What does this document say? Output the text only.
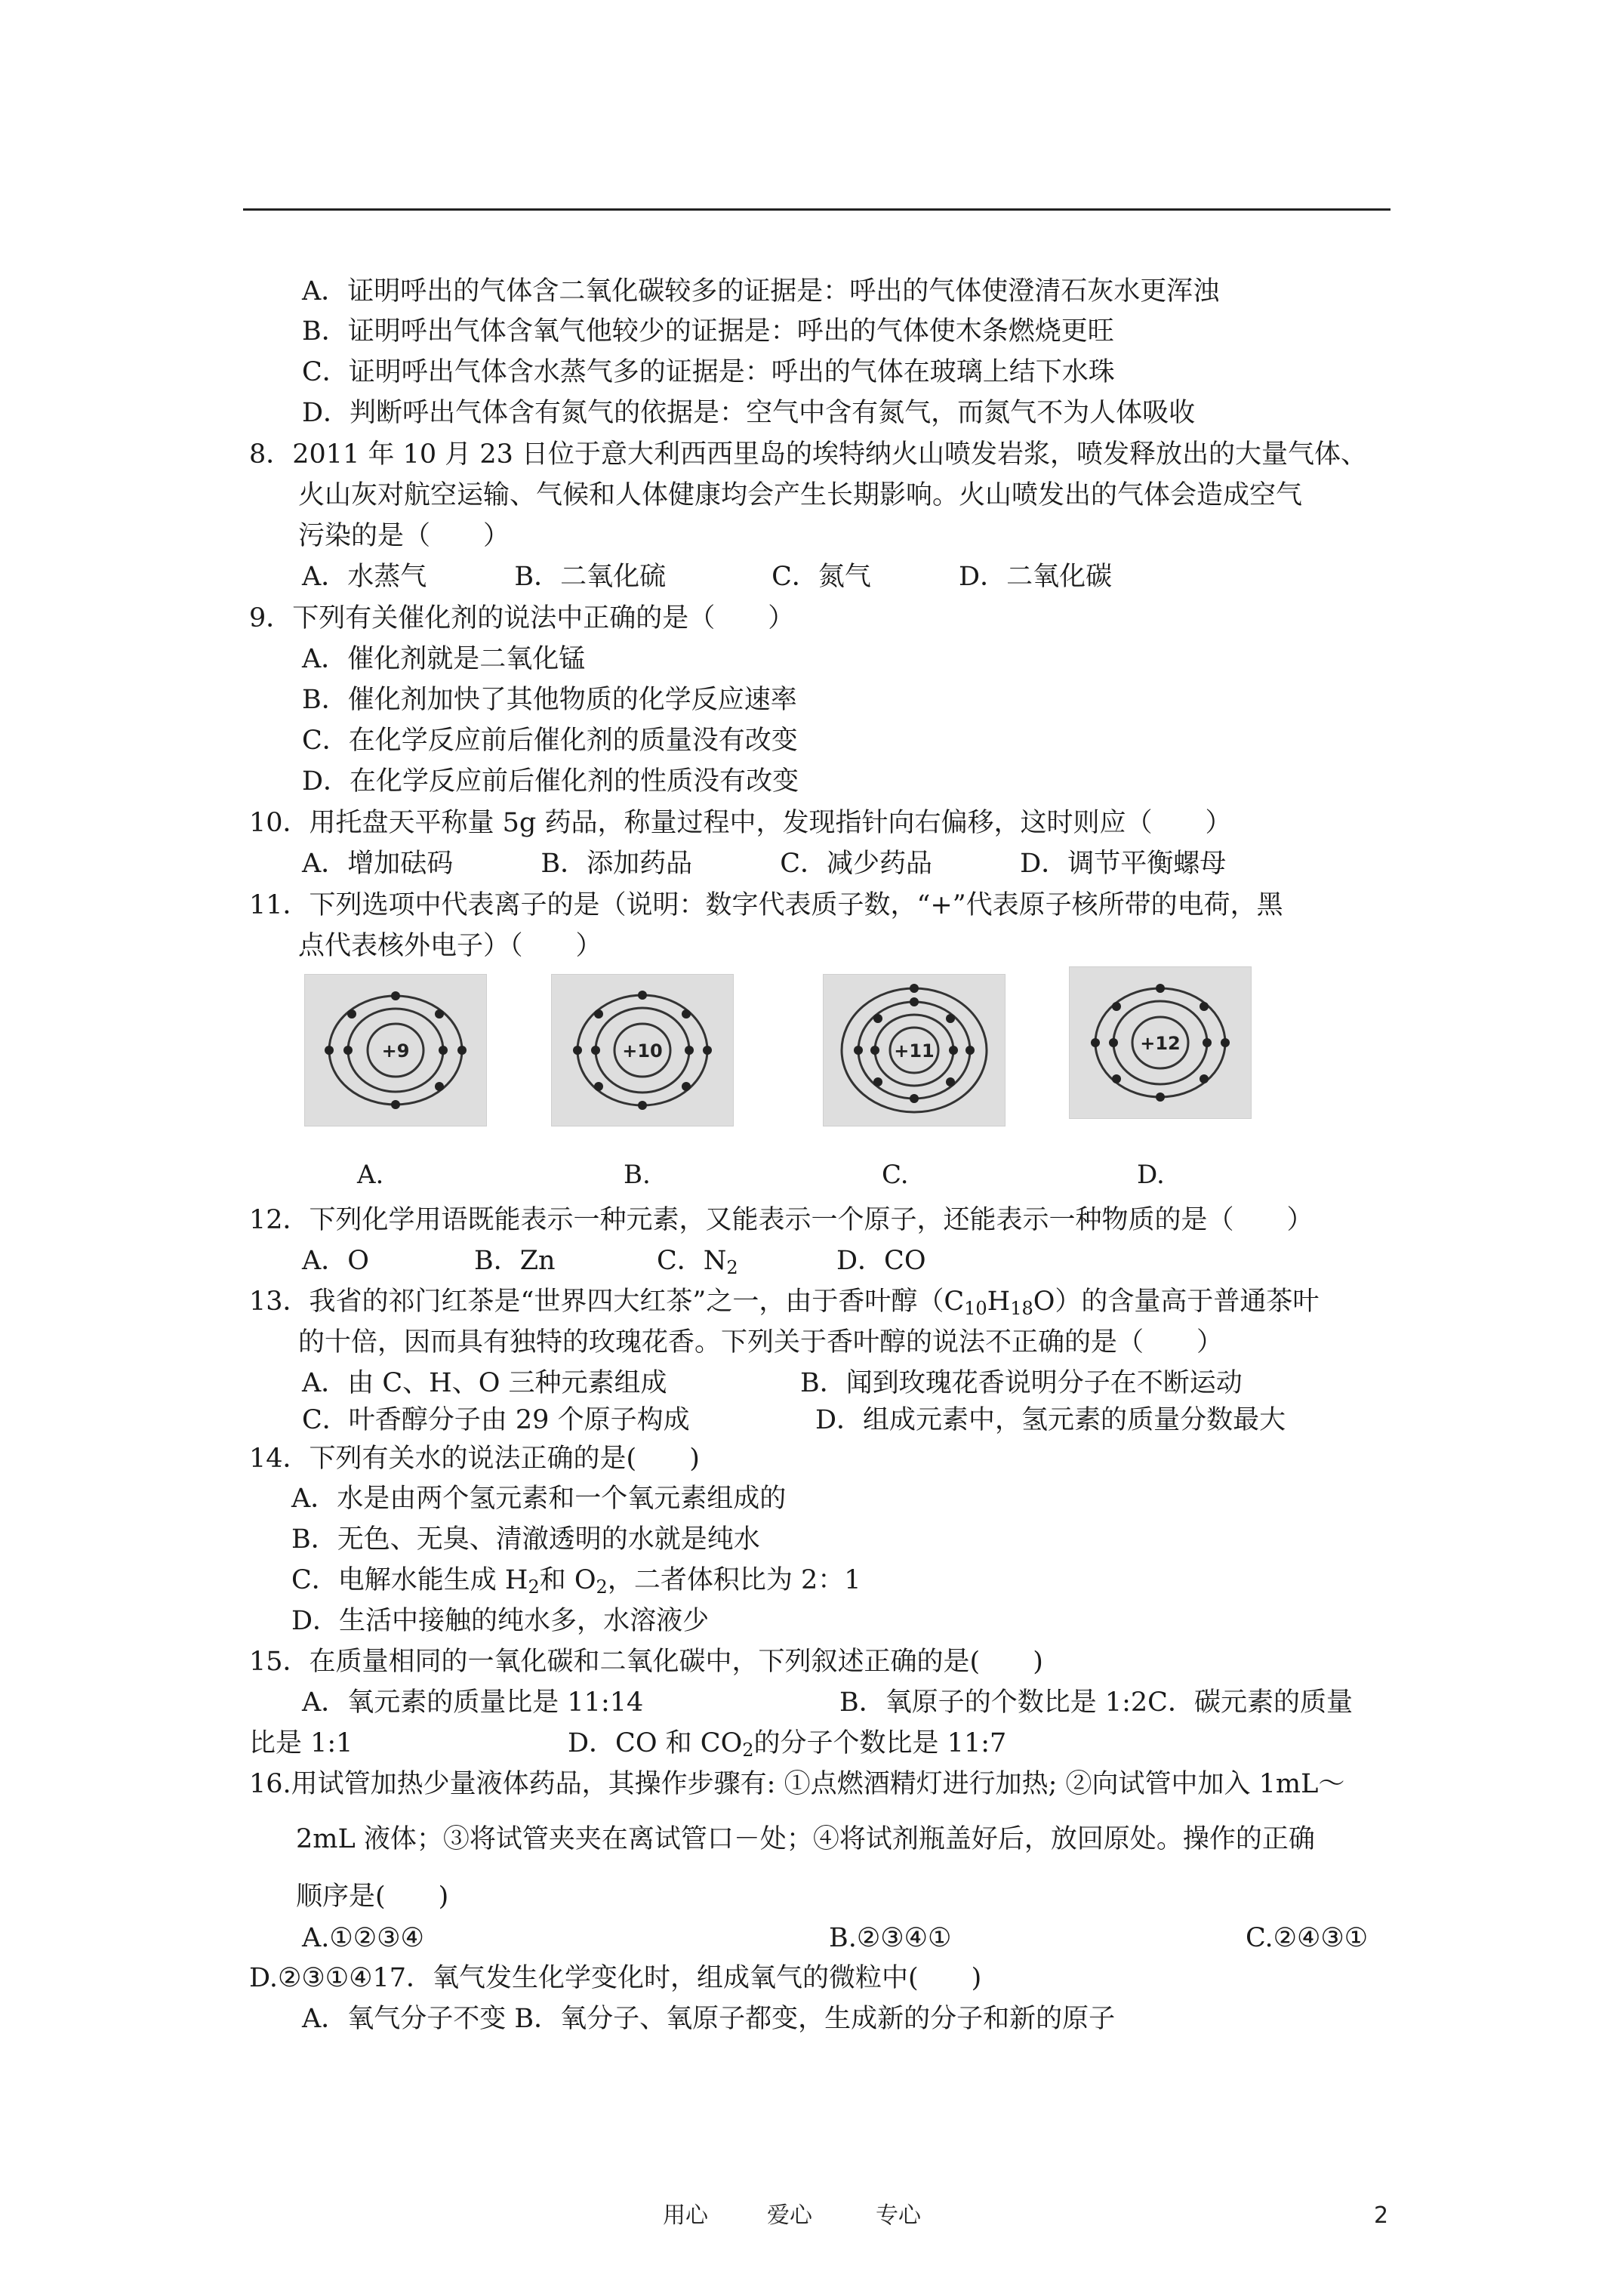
A．证明呼出的气体含二氧化碳较多的证据是：呼出的气体使澄清石灰水更浑浊
B．证明呼出气体含氧气他较少的证据是：呼出的气体使木条燃烧更旺
C．证明呼出气体含水蒸气多的证据是：呼出的气体在玻璃上结下水珠
D．判断呼出气体含有氮气的依据是：空气中含有氮气，而氮气不为人体吸收
8．2011 年 10 月 23 日位于意大利西西里岛的埃特纳火山喷发岩浆，喷发释放出的大量气体、
火山灰对航空运输、气候和人体健康均会产生长期影响。火山喷发出的气体会造成空气
污染的是（　　）
A．水蒸气　　　 B．二氧化硫　　　　C．氮气　　　 D．二氧化碳
9．下列有关催化剂的说法中正确的是（　　）
A．催化剂就是二氧化锰
B．催化剂加快了其他物质的化学反应速率
C．在化学反应前后催化剂的质量没有改变
D．在化学反应前后催化剂的性质没有改变
10．用托盘天平称量 5g 药品，称量过程中，发现指针向右偏移，这时则应（　　）
A．增加砝码　　　 B．添加药品　　　 C．减少药品　　　 D．调节平衡螺母
11．下列选项中代表离子的是（说明：数字代表质子数，“+”代表原子核所带的电荷，黑
点代表核外电子）（　　）
+9	+10	+11	+12
A.	B.	C.	D.
12．下列化学用语既能表示一种元素，又能表示一个原子，还能表示一种物质的是（　　）
A．O	B．Zn	C．$N_2$	D．CO
13．我省的祁门红茶是“世界四大红茶”之一，由于香叶醇$(C_{10}H_{18}O)$的含量高于普通茶叶
的十倍，因而具有独特的玫瑰花香。下列关于香叶醇的说法不正确的是（　　）
A．由 C、H、O 三种元素组成	B．闻到玫瑰花香说明分子在不断运动
C．叶香醇分子由 29 个原子构成	D．组成元素中，氢元素的质量分数最大
14．下列有关水的说法正确的是(　　)
A．水是由两个氢元素和一个氧元素组成的
B．无色、无臭、清澈透明的水就是纯水
C．电解水能生成 $H_2$和 $O_2$，二者体积比为 2：1
D．生活中接触的纯水多，水溶液少
15．在质量相同的一氧化碳和二氧化碳中，下列叙述正确的是(　　)
A．氧元素的质量比是 11:14	B．氧原子的个数比是 1:2C．碳元素的质量
比是 1:1	D．CO 和 $CO_2$的分子个数比是 11:7
16.用试管加热少量液体药品，其操作步骤有: ①点燃酒精灯进行加热; ②向试管中加入 1mL～
2mL 液体；③将试管夹夹在离试管口－处；④将试剂瓶盖好后，放回原处。操作的正确
顺序是(　　)
A.①②③④	B.②③④①	C.②④③①
D.②③①④17．氧气发生化学变化时，组成氧气的微粒中(　　)
A．氧气分子不变 B．氧分子、氧原子都变，生成新的分子和新的原子
用心	爱心	专心	2
